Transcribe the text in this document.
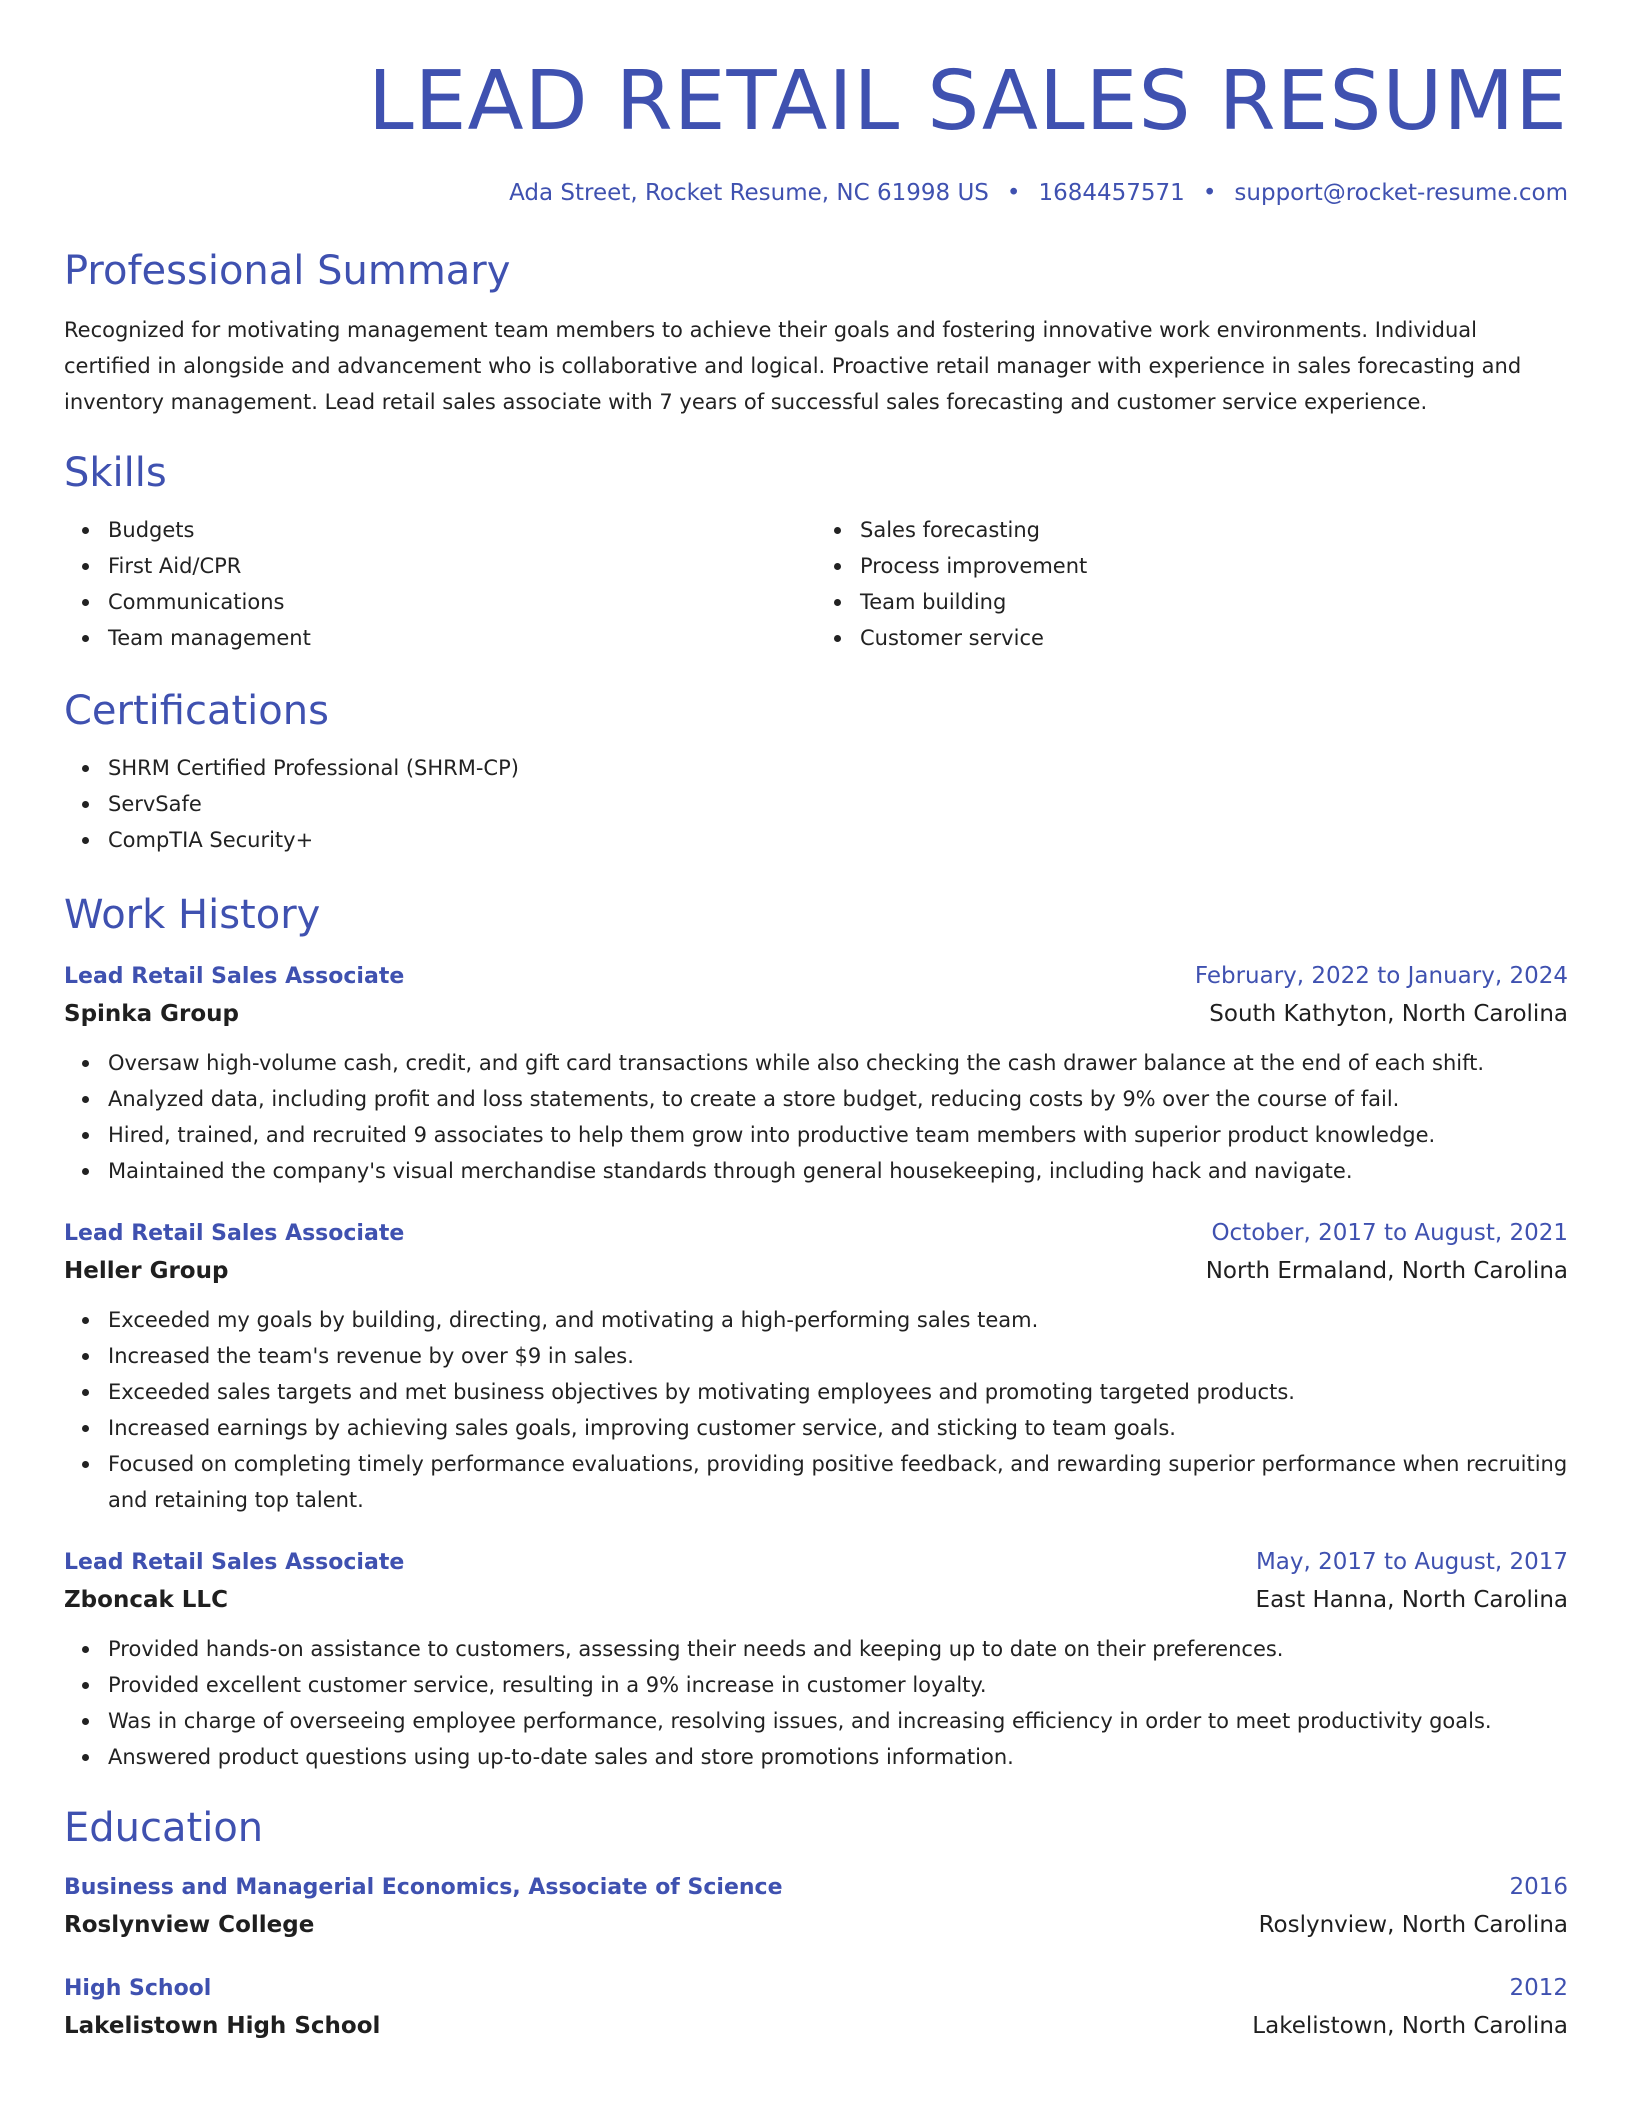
LEAD RETAIL SALES RESUME
Ada Street, Rocket Resume, NC 61998 US • 1684457571 • support@rocket-resume.com
Professional Summary

Recognized for motivating management team members to achieve their goals and fostering innovative work environments. Individual certified in alongside and advancement who is collaborative and logical. Proactive retail manager with experience in sales forecasting and inventory management. Lead retail sales associate with 7 years of successful sales forecasting and customer service experience.

Skills
Budgets
First Aid/CPR
Communications
Team management
Sales forecasting
Process improvement
Team building
Customer service
Certifications
SHRM Certified Professional (SHRM-CP)
ServSafe
CompTIA Security+
Work History
Lead Retail Sales Associate	February, 2022 to January, 2024
Spinka Group	South Kathyton, North Carolina
Oversaw high-volume cash, credit, and gift card transactions while also checking the cash drawer balance at the end of each shift.
Analyzed data, including profit and loss statements, to create a store budget, reducing costs by 9% over the course of fail.
Hired, trained, and recruited 9 associates to help them grow into productive team members with superior product knowledge.
Maintained the company's visual merchandise standards through general housekeeping, including hack and navigate.
Lead Retail Sales Associate	October, 2017 to August, 2021
Heller Group	North Ermaland, North Carolina
Exceeded my goals by building, directing, and motivating a high-performing sales team.
Increased the team's revenue by over $9 in sales.
Exceeded sales targets and met business objectives by motivating employees and promoting targeted products.
Increased earnings by achieving sales goals, improving customer service, and sticking to team goals.
Focused on completing timely performance evaluations, providing positive feedback, and rewarding superior performance when recruiting and retaining top talent.
Lead Retail Sales Associate	May, 2017 to August, 2017
Zboncak LLC	East Hanna, North Carolina
Provided hands-on assistance to customers, assessing their needs and keeping up to date on their preferences.
Provided excellent customer service, resulting in a 9% increase in customer loyalty.
Was in charge of overseeing employee performance, resolving issues, and increasing efficiency in order to meet productivity goals.
Answered product questions using up-to-date sales and store promotions information.
Education
Business and Managerial Economics, Associate of Science	2016
Roslynview College	Roslynview, North Carolina
High School	2012
Lakelistown High School	Lakelistown, North Carolina
